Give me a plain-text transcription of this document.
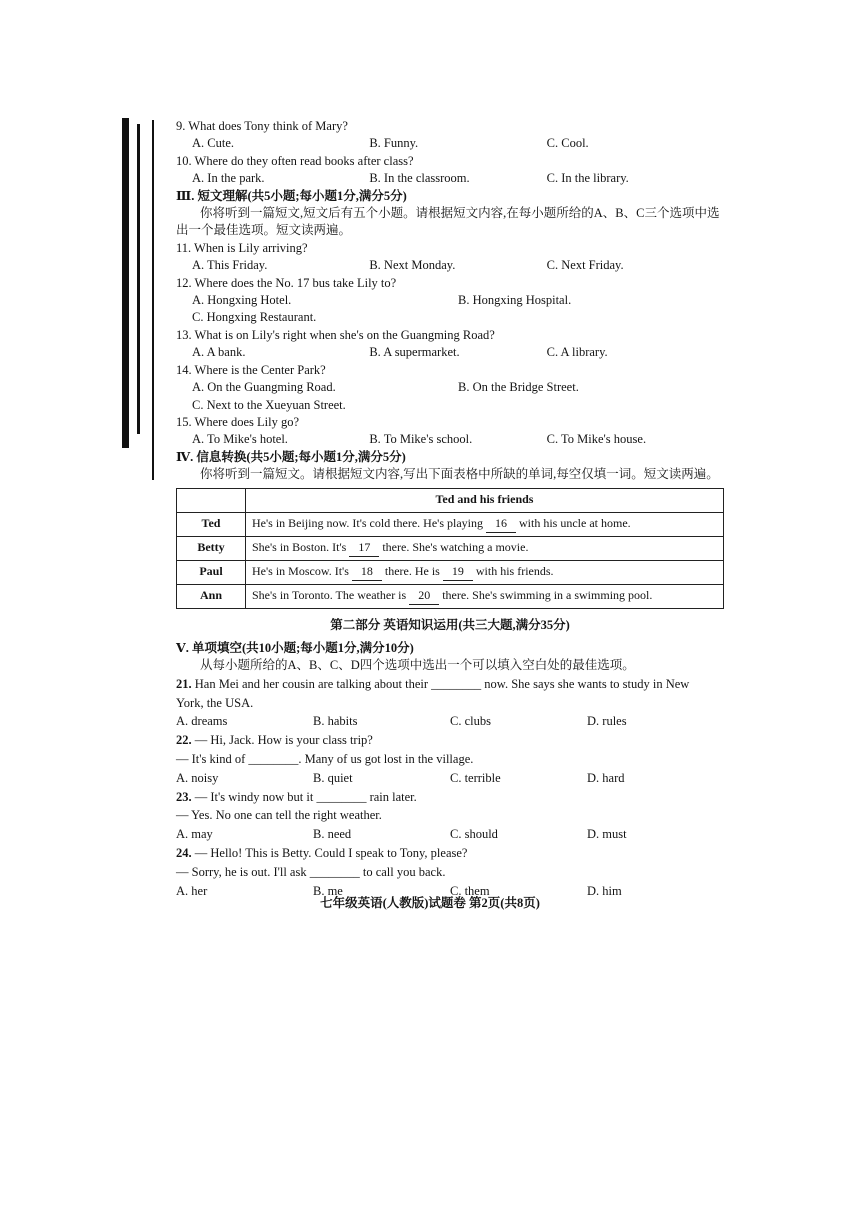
9. What does Tony think of Mary?

A. Cute.	B. Funny.	C. Cool.

10. Where do they often read books after class?

A. In the park.	B. In the classroom.	C. In the library.

Ⅲ. 短文理解(共5小题;每小题1分,满分5分)

你将听到一篇短文,短文后有五个小题。请根据短文内容,在每小题所给的A、B、C三个选项中选出一个最佳选项。短文读两遍。

11. When is Lily arriving?

A. This Friday.	B. Next Monday.	C. Next Friday.

12. Where does the No. 17 bus take Lily to?

A. Hongxing Hotel.	B. Hongxing Hospital.
C. Hongxing Restaurant.

13. What is on Lily's right when she's on the Guangming Road?

A. A bank.	B. A supermarket.	C. A library.

14. Where is the Center Park?

A. On the Guangming Road.	B. On the Bridge Street.
C. Next to the Xueyuan Street.

15. Where does Lily go?

A. To Mike's hotel.	B. To Mike's school.	C. To Mike's house.

Ⅳ. 信息转换(共5小题;每小题1分,满分5分)

你将听到一篇短文。请根据短文内容,写出下面表格中所缺的单词,每空仅填一词。短文读两遍。

	Ted and his friends
Ted	He's in Beijing now. It's cold there. He's playing 16 with his uncle at home.
Betty	She's in Boston. It's 17 there. She's watching a movie.
Paul	He's in Moscow. It's 18 there. He is 19 with his friends.
Ann	She's in Toronto. The weather is 20 there. She's swimming in a swimming pool.

第二部分 英语知识运用(共三大题,满分35分)

Ⅴ. 单项填空(共10小题;每小题1分,满分10分)

从每小题所给的A、B、C、D四个选项中选出一个可以填入空白处的最佳选项。

21. Han Mei and her cousin are talking about their ________ now. She says she wants to study in New

York, the USA.

A. dreams	B. habits	C. clubs	D. rules

22. — Hi, Jack. How is your class trip?

— It's kind of ________. Many of us got lost in the village.

A. noisy	B. quiet	C. terrible	D. hard

23. — It's windy now but it ________ rain later.

— Yes. No one can tell the right weather.

A. may	B. need	C. should	D. must

24. — Hello! This is Betty. Could I speak to Tony, please?

— Sorry, he is out. I'll ask ________ to call you back.

A. her	B. me	C. them	D. him
七年级英语(人教版)试题卷 第2页(共8页)
